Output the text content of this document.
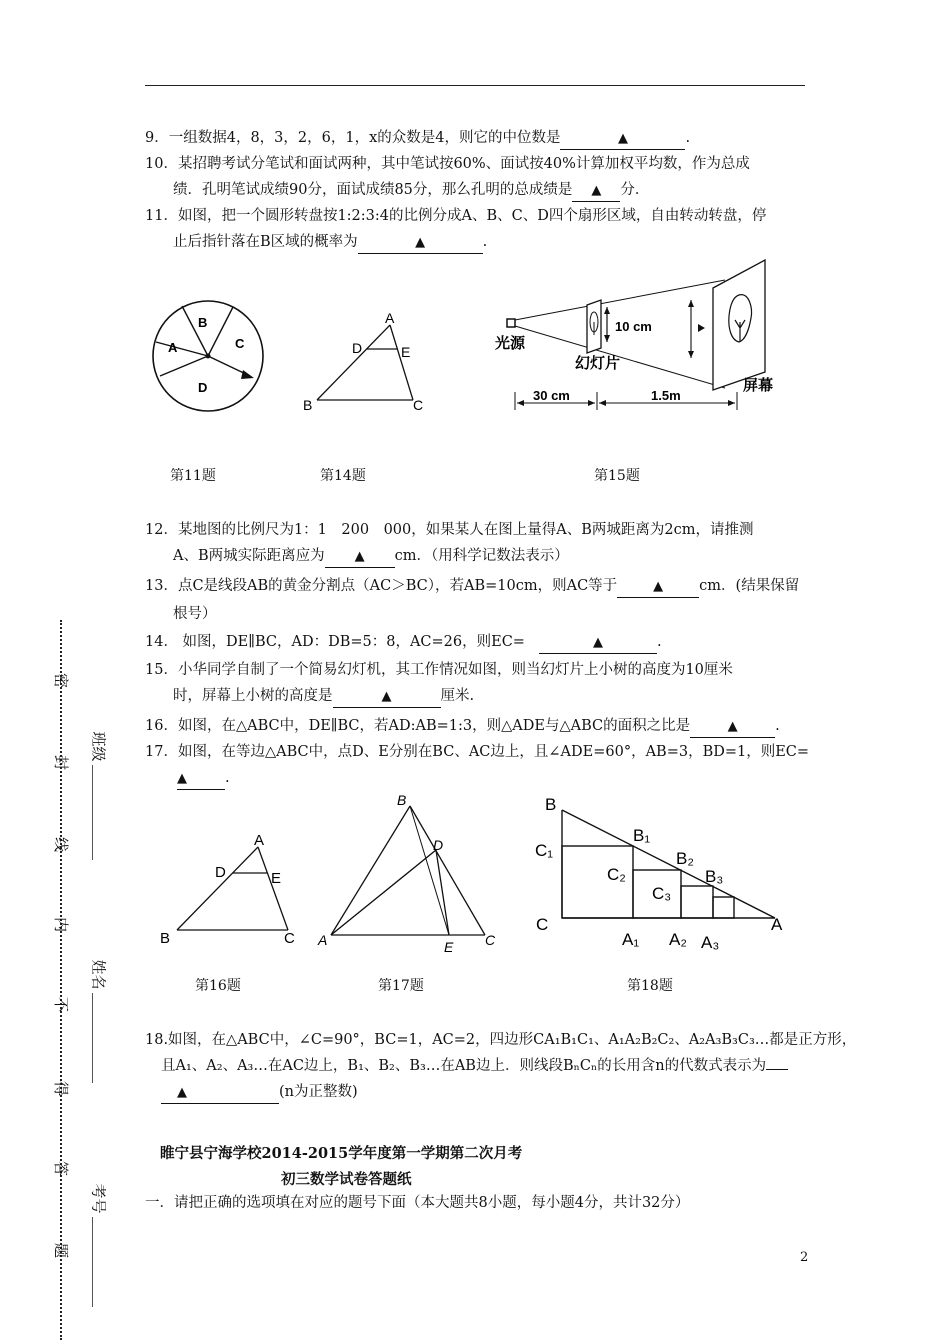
9．一组数据4，8，3，2，6，1，x的众数是4，则它的中位数是	▲	.
10．某招聘考试分笔试和面试两种，其中笔试按60%、面试按40%计算加权平均数，作为总成
绩．孔明笔试成绩90分，面试成绩85分，那么孔明的总成绩是 ▲ 分．
11．如图，把一个圆形转盘按1:2:3:4的比例分成A、B、C、D四个扇形区域，自由转动转盘，停
止后指针落在B区域的概率为	▲	.
A
B
C
D
A
D	E
B	C
10 cm
光源
幻灯片
屏幕
30 cm	1.5m
第11题	第14题	第15题
12．某地图的比例尺为1：1　200　000，如果某人在图上量得A、B两城距离为2cm，请推测
A、B两城实际距离应为 ▲ cm．（用科学记数法表示）
13．点C是线段AB的黄金分割点（AC＞BC），若AB=10cm，则AC等于	▲ cm．(结果保留
根号）
14． 如图，DE∥BC，AD：DB=5：8，AC=26，则EC=	▲	.
15．小华同学自制了一个简易幻灯机，其工作情况如图，则当幻灯片上小树的高度为10厘米
时，屏幕上小树的高度是	▲	厘米.
16．如图，在△ABC中，DE∥BC，若AD:AB=1:3，则△ADE与△ABC的面积之比是	▲	.
17．如图，在等边△ABC中，点D、E分别在BC、AC边上，且∠ADE=60°，AB=3，BD=1，则EC=
▲	.
A
D	E
B	C
B
D
A	E C
B
C₁
B₁
B₂
B₃
C₂
C₃
C
A₁ A₂ A₃
A
第16题	第17题	第18题
18.如图，在△ABC中，∠C=90°，BC=1，AC=2，四边形CA₁B₁C₁、A₁A₂B₂C₂、A₂A₃B₃C₃…都是正方形，
且A₁、A₂、A₃…在AC边上，B₁、B₂、B₃…在AB边上．则线段BₙCₙ的长用含n的代数式表示为
▲	(n为正整数)
睢宁县宁海学校2014-2015学年度第一学期第二次月考
初三数学试卷答题纸
一．请把正确的选项填在对应的题号下面（本大题共8小题，每小题4分，共计32分）
密
封
线
内
不
得
答
题
班级
姓名
考号
2
